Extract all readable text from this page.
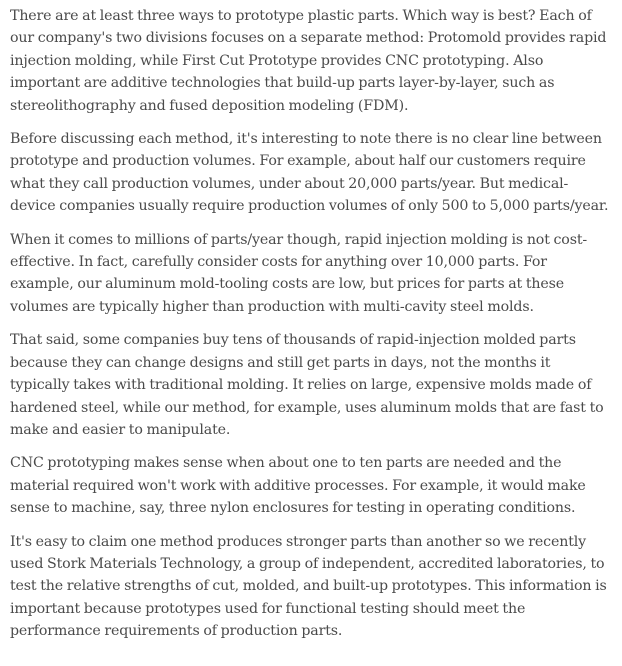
There are at least three ways to prototype plastic parts. Which way is best? Each of our company's two divisions focuses on a separate method: Protomold provides rapid injection molding, while First Cut Prototype provides CNC prototyping. Also important are additive technologies that build-up parts layer-by-layer, such as stereolithography and fused deposition modeling (FDM).

Before discussing each method, it's interesting to note there is no clear line between prototype and production volumes. For example, about half our customers require what they call production volumes, under about 20,000 parts/year. But medical-device companies usually require production volumes of only 500 to 5,000 parts/year.

When it comes to millions of parts/year though, rapid injection molding is not cost-effective. In fact, carefully consider costs for anything over 10,000 parts. For example, our aluminum mold-tooling costs are low, but prices for parts at these volumes are typically higher than production with multi-cavity steel molds.

That said, some companies buy tens of thousands of rapid-injection molded parts because they can change designs and still get parts in days, not the months it typically takes with traditional molding. It relies on large, expensive molds made of hardened steel, while our method, for example, uses aluminum molds that are fast to make and easier to manipulate.

CNC prototyping makes sense when about one to ten parts are needed and the material required won't work with additive processes. For example, it would make sense to machine, say, three nylon enclosures for testing in operating conditions.

It's easy to claim one method produces stronger parts than another so we recently used Stork Materials Technology, a group of independent, accredited laboratories, to test the relative strengths of cut, molded, and built-up prototypes. This information is important because prototypes used for functional testing should meet the performance requirements of production parts.
